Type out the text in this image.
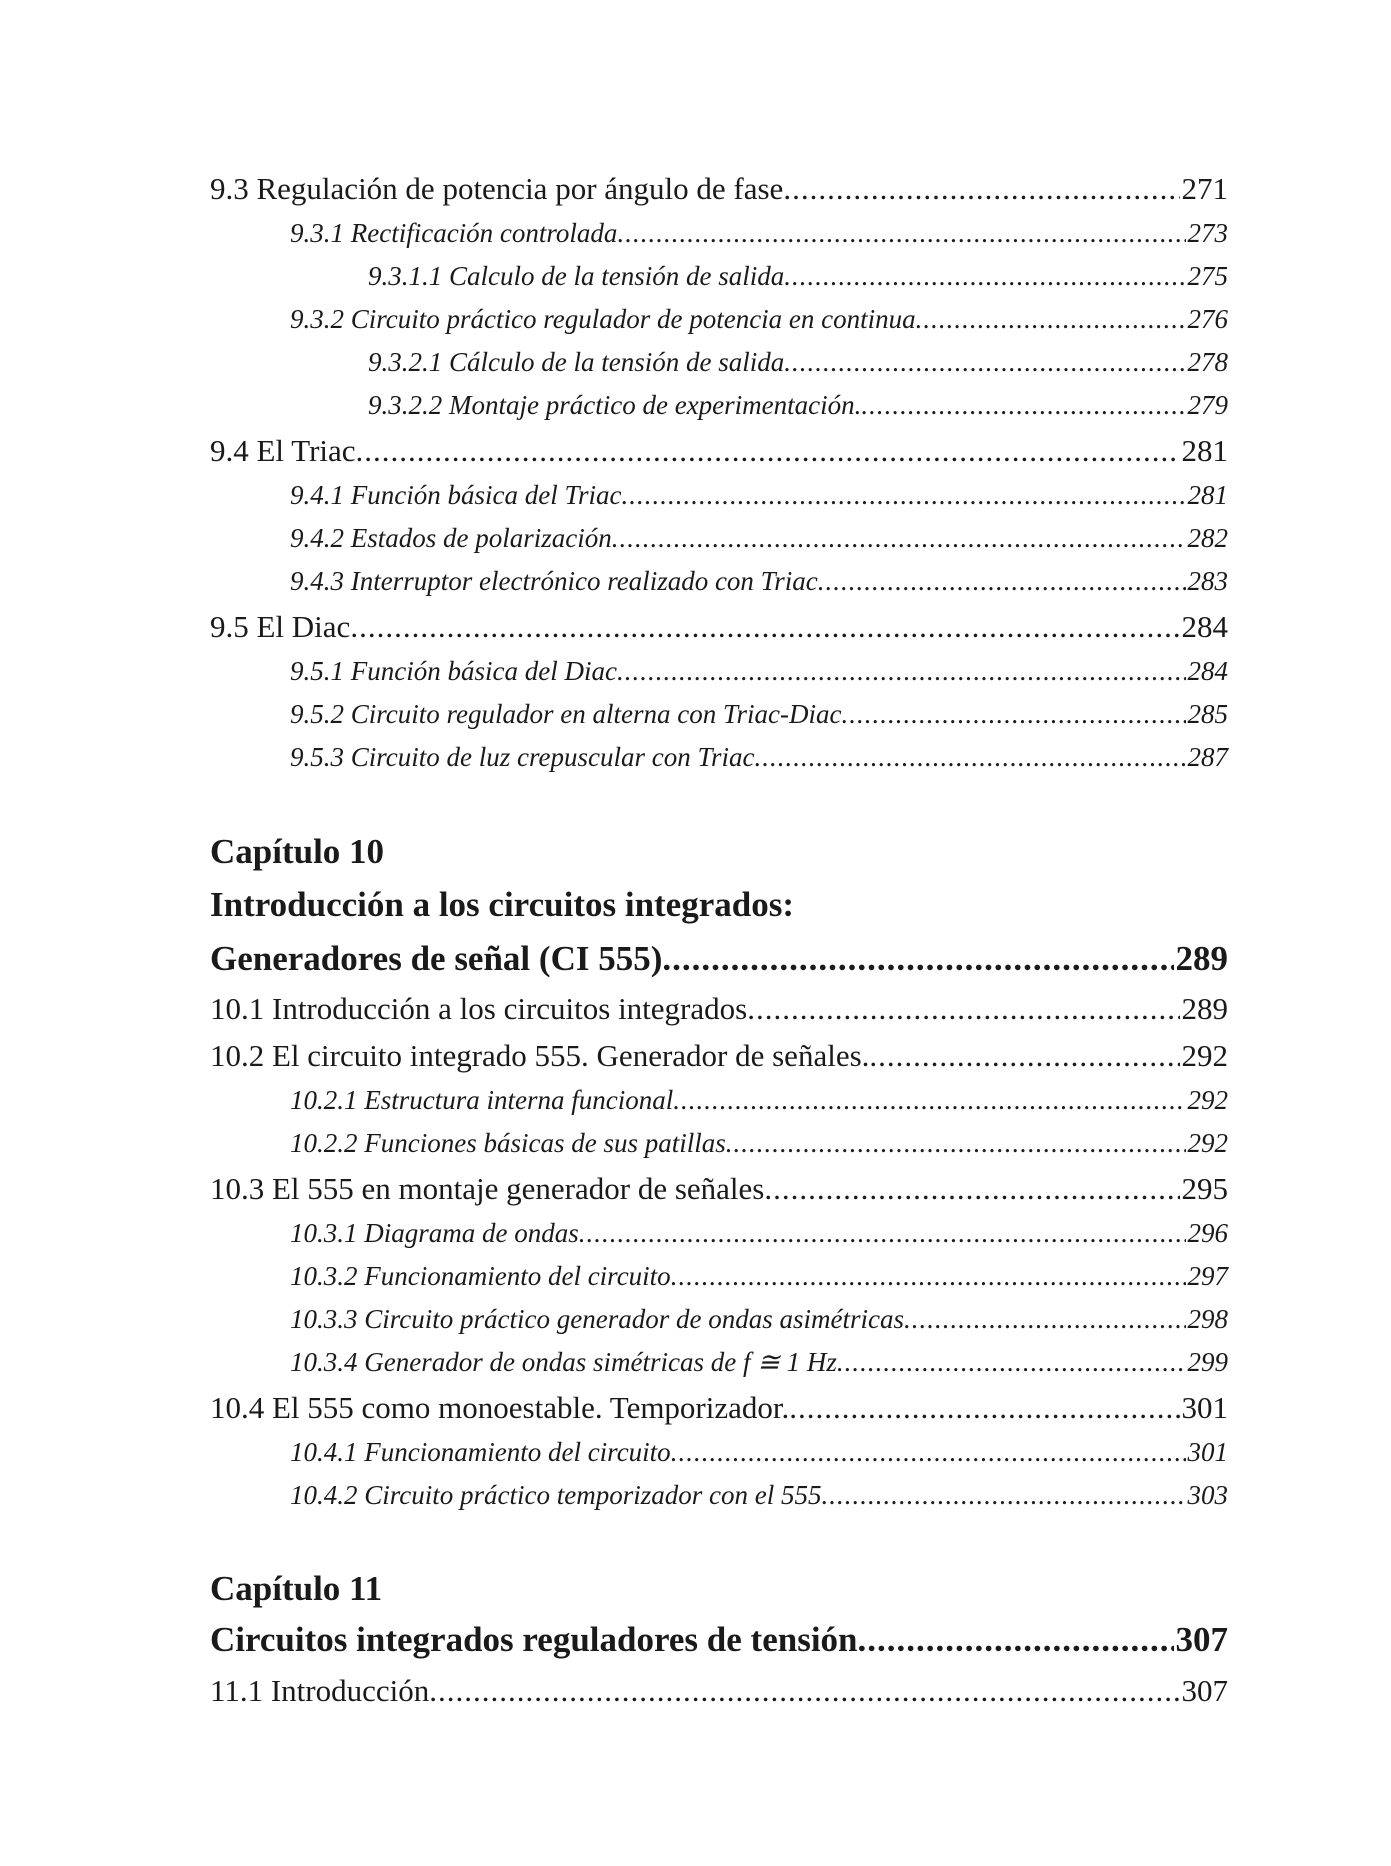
9.3 Regulación de potencia por ángulo de fase .....	271
9.3.1 Rectificación controlada .....	273
9.3.1.1 Calculo de la tensión de salida .....	275
9.3.2 Circuito práctico regulador de potencia en continua .....	276
9.3.2.1 Cálculo de la tensión de salida .....	278
9.3.2.2 Montaje práctico de experimentación. .....	279
9.4 El Triac .....	281
9.4.1 Función básica del Triac .....	281
9.4.2 Estados de polarización .....	282
9.4.3 Interruptor electrónico realizado con Triac .....	283
9.5 El Diac .....	284
9.5.1 Función básica del Diac .....	284
9.5.2 Circuito regulador en alterna con Triac-Diac .....	285
9.5.3 Circuito de luz crepuscular con Triac .....	287
Capítulo 10
Introducción a los circuitos integrados:
Generadores de señal (CI 555) .....	289
10.1 Introducción a los circuitos integrados .....	289
10.2 El circuito integrado 555. Generador de señales. .....	292
10.2.1 Estructura interna funcional .....	292
10.2.2 Funciones básicas de sus patillas .....	292
10.3 El 555 en montaje generador de señales .....	295
10.3.1 Diagrama de ondas .....	296
10.3.2 Funcionamiento del circuito .....	297
10.3.3 Circuito práctico generador de ondas asimétricas .....	298
10.3.4 Generador de ondas simétricas de f ≅ 1 Hz .....	299
10.4 El 555 como monoestable. Temporizador. .....	301
10.4.1 Funcionamiento del circuito .....	301
10.4.2 Circuito práctico temporizador con el 555 .....	303
Capítulo 11
Circuitos integrados reguladores de tensión .....	307
11.1 Introducción .....	307
